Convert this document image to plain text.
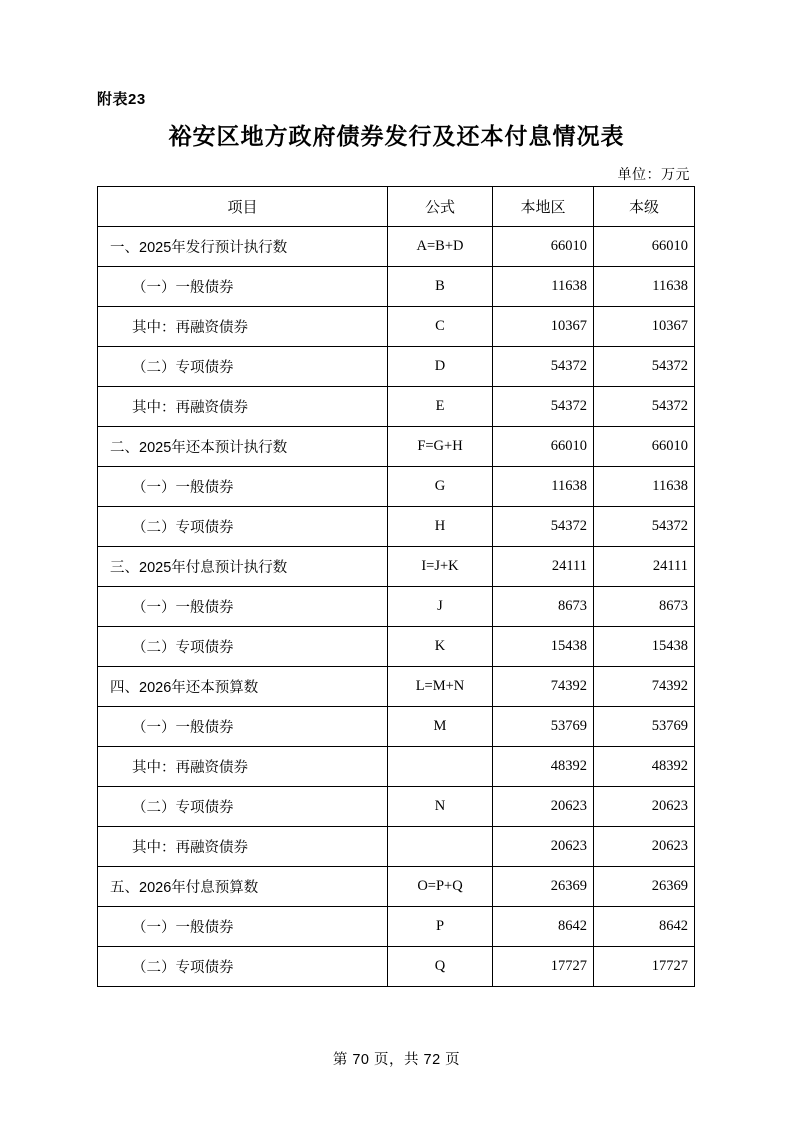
附表23
裕安区地方政府债券发行及还本付息情况表
单位：万元
项目	公式	本地区	本级
一、2025年发行预计执行数	A=B+D	66010	66010
（一）一般债券	B	11638	11638
其中：再融资债券	C	10367	10367
（二）专项债券	D	54372	54372
其中：再融资债券	E	54372	54372
二、2025年还本预计执行数	F=G+H	66010	66010
（一）一般债券	G	11638	11638
（二）专项债券	H	54372	54372
三、2025年付息预计执行数	I=J+K	24111	24111
（一）一般债券	J	8673	8673
（二）专项债券	K	15438	15438
四、2026年还本预算数	L=M+N	74392	74392
（一）一般债券	M	53769	53769
其中：再融资债券		48392	48392
（二）专项债券	N	20623	20623
其中：再融资债券		20623	20623
五、2026年付息预算数	O=P+Q	26369	26369
（一）一般债券	P	8642	8642
（二）专项债券	Q	17727	17727
第 70 页，共 72 页
